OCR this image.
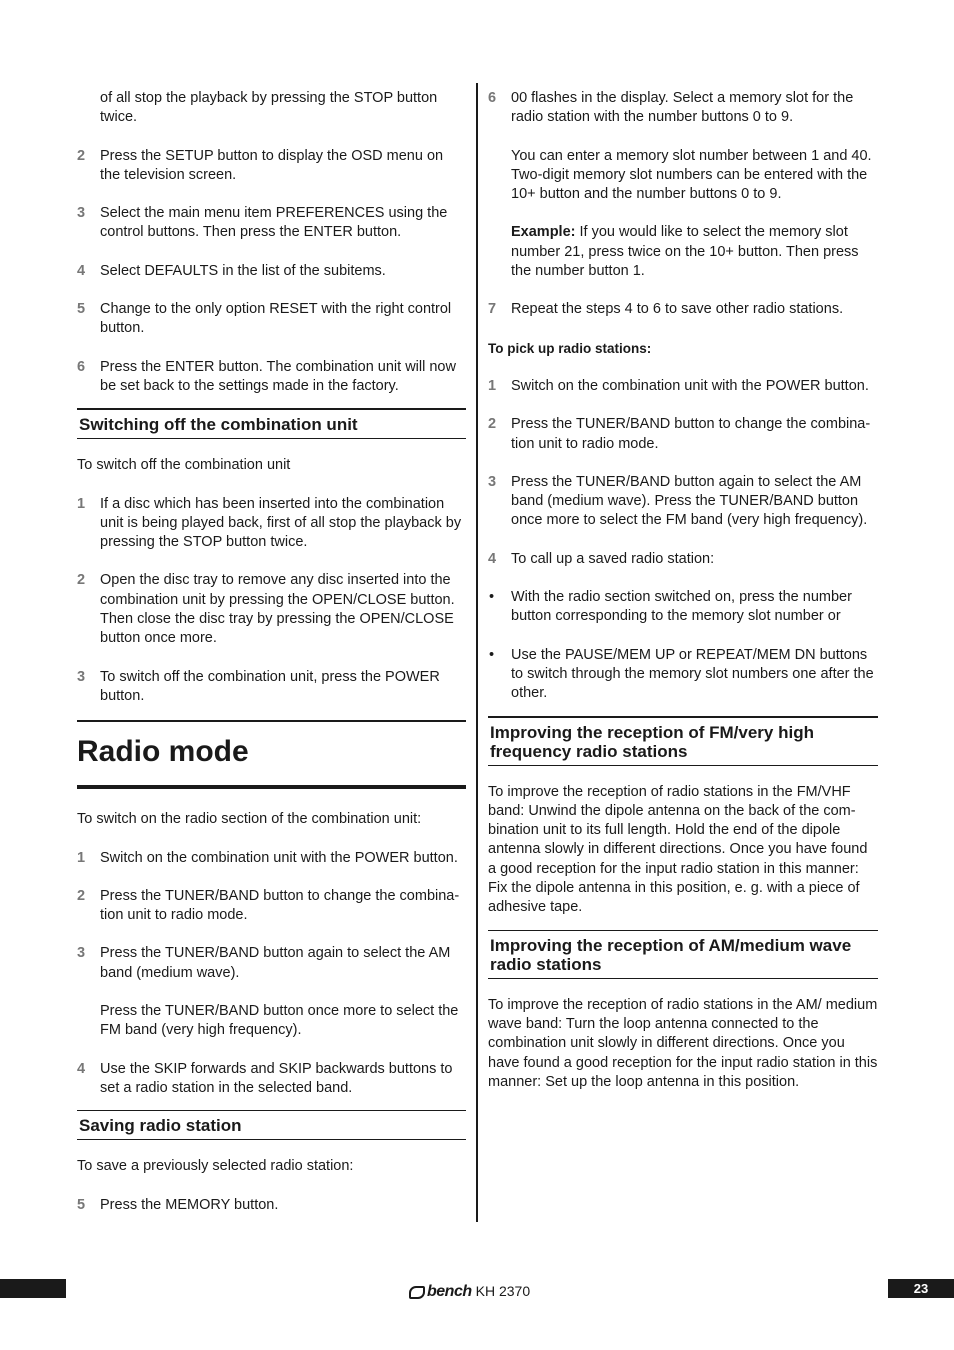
of all stop the playback by pressing the STOP button twice.

2 Press the SETUP button to display the OSD menu on the television screen.
3 Select the main menu item PREFERENCES using the control buttons. Then press the ENTER button.
4 Select DEFAULTS in the list of the subitems.
5 Change to the only option RESET with the right control button.
6 Press the ENTER button. The combination unit will now be set back to the settings made in the factory.
Switching off the combination unit

To switch off the combination unit

1 If a disc which has been inserted into the combination unit is being played back, first of all stop the playback by pressing the STOP button twice.
2 Open the disc tray to remove any disc inserted into the combination unit by pressing the OPEN/CLOSE button. Then close the disc tray by pressing the OPEN/CLOSE button once more.
3 To switch off the combination unit, press the POWER button.
Radio mode

To switch on the radio section of the combination unit:

1 Switch on the combination unit with the POWER button.
2 Press the TUNER/BAND button to change the combina-tion unit to radio mode.
3 Press the TUNER/BAND button again to select the AM band (medium wave).

Press the TUNER/BAND button once more to select the FM band (very high frequency).

4 Use the SKIP forwards and SKIP backwards buttons to set a radio station in the selected band.
Saving radio station

To save a previously selected radio station:

5 Press the MEMORY button.
6 00 flashes in the display. Select a memory slot for the radio station with the number buttons 0 to 9.

You can enter a memory slot number between 1 and 40. Two-digit memory slot numbers can be entered with the 10+ button and the number buttons 0 to 9.

Example: If you would like to select the memory slot number 21, press twice on the 10+ button. Then press the number button 1.

7 Repeat the steps 4 to 6 to save other radio stations.

To pick up radio stations:

1 Switch on the combination unit with the POWER button.
2 Press the TUNER/BAND button to change the combina-tion unit to radio mode.
3 Press the TUNER/BAND button again to select the AM band (medium wave). Press the TUNER/BAND button once more to select the FM band (very high frequency).
4 To call up a saved radio station:
• With the radio section switched on, press the number button corresponding to the memory slot number or
• Use the PAUSE/MEM UP or REPEAT/MEM DN buttons to switch through the memory slot numbers one after the other.
Improving the reception of FM/very high frequency radio stations

To improve the reception of radio stations in the FM/VHF band: Unwind the dipole antenna on the back of the com-bination unit to its full length. Hold the end of the dipole antenna slowly in different directions. Once you have found a good reception for the input radio station in this manner: Fix the dipole antenna in this position, e. g. with a piece of adhesive tape.

Improving the reception of AM/medium wave radio stations

To improve the reception of radio stations in the AM/ medium wave band: Turn the loop antenna connected to the combination unit slowly in different directions. Once you have found a good reception for the input radio station in this manner: Set up the loop antenna in this position.

bench KH 2370	23
